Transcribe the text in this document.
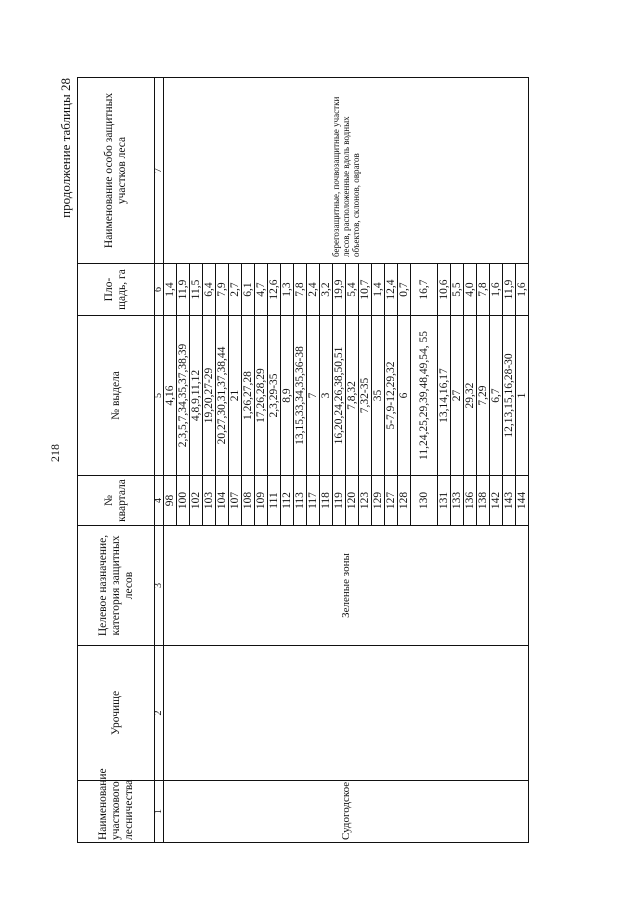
218
продолжение таблицы 28
Наименование участкового лесничества	Урочище	Целевое назначение, категория защитных лесов	№ квартала	№ выдела	Пло-щадь, га	Наименование особо защитных участков леса
1	2	3	4	5	6	7
Судогодское		Зеленые зоны	98	4,16	1,4	берегозащитные, почвозащитные участки лесов, расположенные вдоль водных объектов, склонов, оврагов
			100	2,3,5,7,34,35,37,38,39	11,9	
			102	4,8,9,11,12	11,5	
			103	19,20,27-29	6,4	
			104	20,27,30,31,37,38,44	7,9	
			107	21	2,7	
			108	1,26,27,28	6,1	
			109	17,26,28,29	4,7	
			111	2,3,29-35	12,6	
			112	8,9	1,3	
			113	13,15,33,34,35,36-38	7,8	
			117	7	2,4	
			118	3	3,2	
			119	16,20,24,26,38,50,51	19,9	
			120	7,8,32	5,4	
			123	7,32-35	10,7	
			129	35	1,4	
			127	5-7,9-12,29,32	12,4	
			128	6	0,7	
			130	11,24,25,29,39,48,49,54, 55	16,7	
			131	13,14,16,17	10,6	
			133	27	5,5	
			136	29,32	4,0	
			138	7,29	7,8	
			142	6,7	1,6	
			143	12,13,15,16,28-30	11,9	
			144	1	1,6	
